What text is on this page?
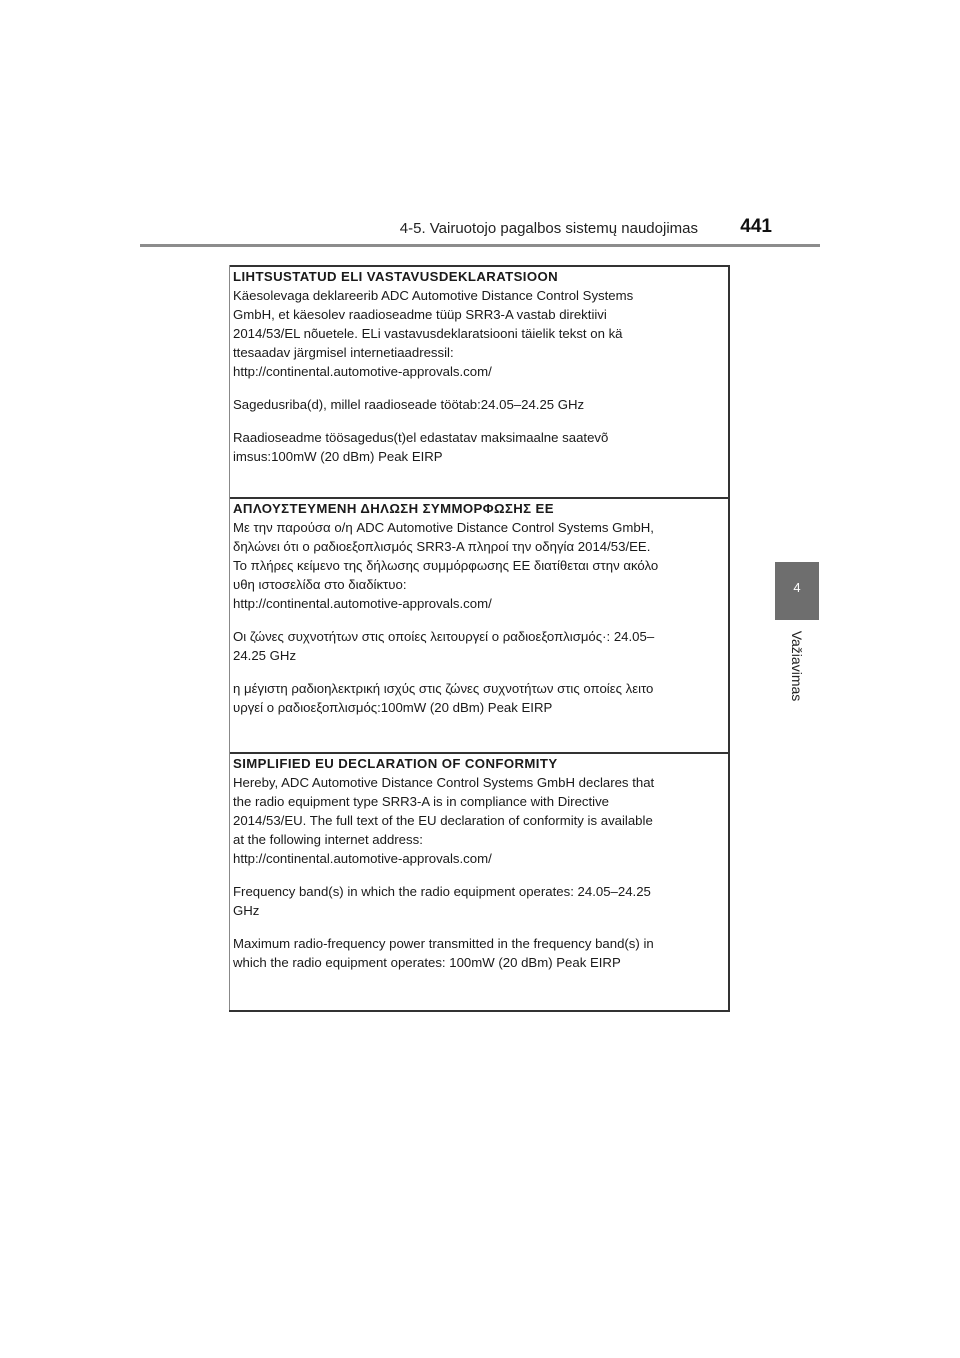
4-5. Vairuotojo pagalbos sistemų naudojimas 441
4
Važiavimas

LIHTSUSTATUD ELI VASTAVUSDEKLARATSIOON

Käesolevaga deklareerib ADC Automotive Distance Control Systems

GmbH, et käesolev raadioseadme tüüp SRR3-A vastab direktiivi

2014/53/EL nõuetele. ELi vastavusdeklaratsiooni täielik tekst on kä

ttesaadav järgmisel internetiaadressil:

http://continental.automotive-approvals.com/

Sagedusriba(d), millel raadioseade töötab:24.05–24.25 GHz

Raadioseadme töösagedus(t)el edastatav maksimaalne saatevõ

imsus:100mW (20 dBm) Peak EIRP

ΑΠΛΟΥΣΤΕΥΜΕΝΗ ΔΗΛΩΣΗ ΣΥΜΜΟΡΦΩΣΗΣ ΕΕ

Με την παρούσα ο/η ADC Automotive Distance Control Systems GmbH,

δηλώνει ότι ο ραδιοεξοπλισμός SRR3-A πληροί την οδηγία 2014/53/ΕΕ.

Το πλήρες κείμενο της δήλωσης συμμόρφωσης ΕΕ διατίθεται στην ακόλο

υθη ιστοσελίδα στο διαδίκτυο:

http://continental.automotive-approvals.com/

Οι ζώνες συχνοτήτων στις οποίες λειτουργεί ο ραδιοεξοπλισμός·: 24.05–

24.25 GHz

η μέγιστη ραδιοηλεκτρική ισχύς στις ζώνες συχνοτήτων στις οποίες λειτο

υργεί ο ραδιοεξοπλισμός:100mW (20 dBm) Peak EIRP

SIMPLIFIED EU DECLARATION OF CONFORMITY

Hereby, ADC Automotive Distance Control Systems GmbH declares that

the radio equipment type SRR3-A is in compliance with Directive

2014/53/EU. The full text of the EU declaration of conformity is available

at the following internet address:

http://continental.automotive-approvals.com/

Frequency band(s) in which the radio equipment operates: 24.05–24.25

GHz

Maximum radio-frequency power transmitted in the frequency band(s) in

which the radio equipment operates: 100mW (20 dBm) Peak EIRP
